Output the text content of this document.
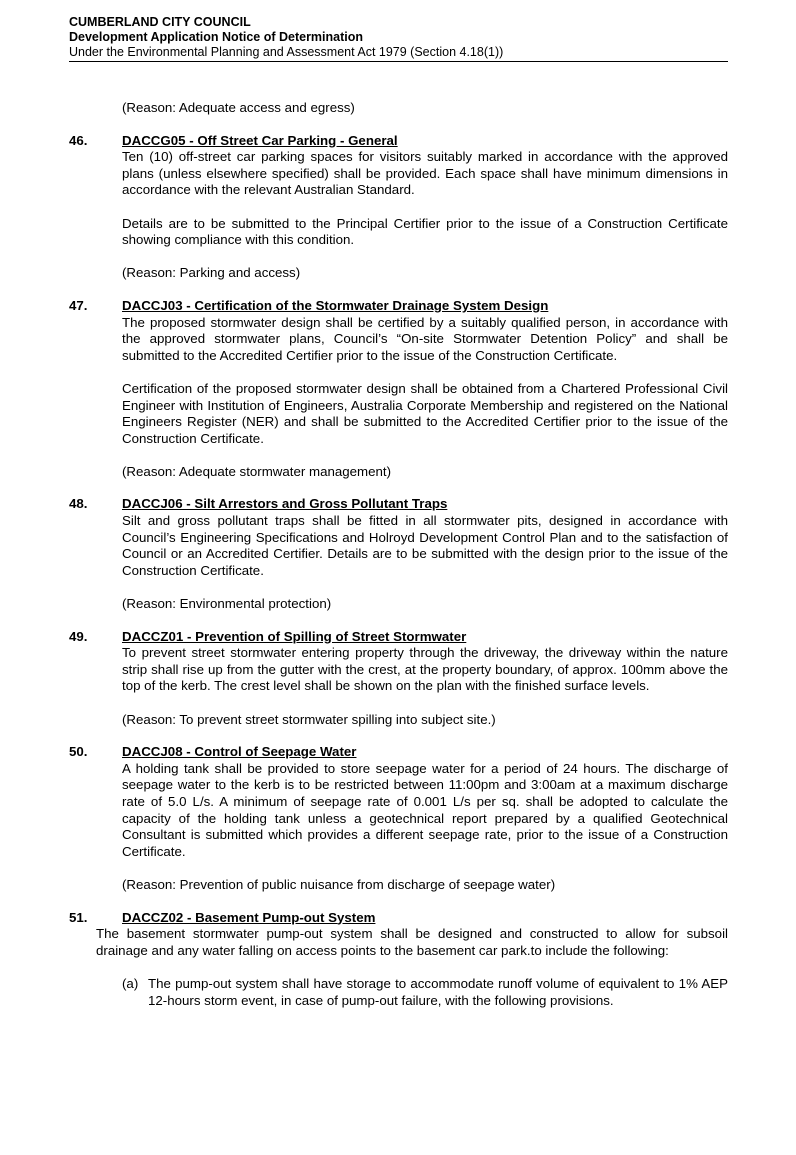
CUMBERLAND CITY COUNCIL
Development Application Notice of Determination
Under the Environmental Planning and Assessment Act 1979 (Section 4.18(1))

(Reason: Adequate access and egress)

46.	DACCG05 - Off Street Car Parking - General

Ten (10) off-street car parking spaces for visitors suitably marked in accordance with the approved plans (unless elsewhere specified) shall be provided. Each space shall have minimum dimensions in accordance with the relevant Australian Standard.

Details are to be submitted to the Principal Certifier prior to the issue of a Construction Certificate showing compliance with this condition.

(Reason: Parking and access)

47.	DACCJ03 - Certification of the Stormwater Drainage System Design

The proposed stormwater design shall be certified by a suitably qualified person, in accordance with the approved stormwater plans, Council’s “On-site Stormwater Detention Policy” and shall be submitted to the Accredited Certifier prior to the issue of the Construction Certificate.

Certification of the proposed stormwater design shall be obtained from a Chartered Professional Civil Engineer with Institution of Engineers, Australia Corporate Membership and registered on the National Engineers Register (NER) and shall be submitted to the Accredited Certifier prior to the issue of the Construction Certificate.

(Reason: Adequate stormwater management)

48.	DACCJ06 - Silt Arrestors and Gross Pollutant Traps

Silt and gross pollutant traps shall be fitted in all stormwater pits, designed in accordance with Council’s Engineering Specifications and Holroyd Development Control Plan and to the satisfaction of Council or an Accredited Certifier. Details are to be submitted with the design prior to the issue of the Construction Certificate.

(Reason: Environmental protection)

49.	DACCZ01 - Prevention of Spilling of Street Stormwater

To prevent street stormwater entering property through the driveway, the driveway within the nature strip shall rise up from the gutter with the crest, at the property boundary, of approx. 100mm above the top of the kerb. The crest level shall be shown on the plan with the finished surface levels.

(Reason: To prevent street stormwater spilling into subject site.)

50.	DACCJ08 - Control of Seepage Water

A holding tank shall be provided to store seepage water for a period of 24 hours. The discharge of seepage water to the kerb is to be restricted between 11:00pm and 3:00am at a maximum discharge rate of 5.0 L/s. A minimum of seepage rate of 0.001 L/s per sq. shall be adopted to calculate the capacity of the holding tank unless a geotechnical report prepared by a qualified Geotechnical Consultant is submitted which provides a different seepage rate, prior to the issue of a Construction Certificate.

(Reason: Prevention of public nuisance from discharge of seepage water)

51.	DACCZ02 - Basement Pump-out System
The basement stormwater pump-out system shall be designed and constructed to allow for subsoil drainage and any water falling on access points to the basement car park.to include the following:
(a) The pump-out system shall have storage to accommodate runoff volume of equivalent to 1% AEP 12-hours storm event, in case of pump-out failure, with the following provisions.
